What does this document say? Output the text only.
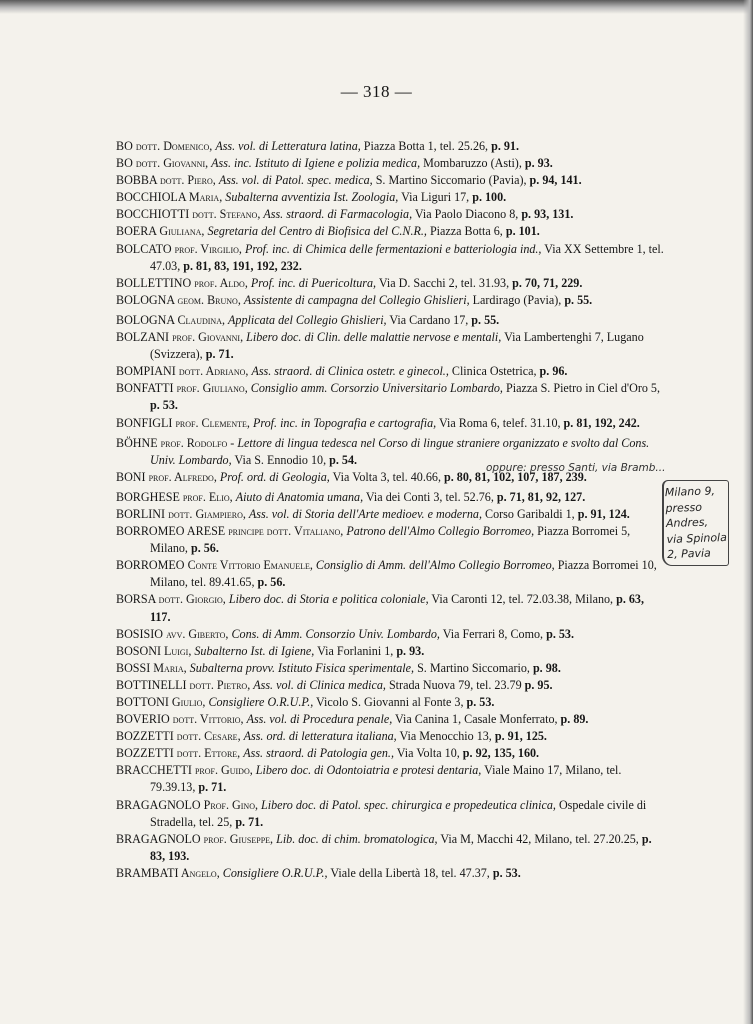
— 318 —

BO dott. Domenico, Ass. vol. di Letteratura latina, Piazza Botta 1, tel. 25.26, p. 91.

BO dott. Giovanni, Ass. inc. Istituto di Igiene e polizia medica, Mombaruzzo (Asti), p. 93.

BOBBA dott. Piero, Ass. vol. di Patol. spec. medica, S. Martino Siccomario (Pavia), p. 94, 141.

BOCCHIOLA Maria, Subalterna avventizia Ist. Zoologia, Via Liguri 17, p. 100.

BOCCHIOTTI dott. Stefano, Ass. straord. di Farmacologia, Via Paolo Diacono 8, p. 93, 131.

BOERA Giuliana, Segretaria del Centro di Biofisica del C.N.R., Piazza Botta 6, p. 101.

BOLCATO prof. Virgilio, Prof. inc. di Chimica delle fermentazioni e batteriologia ind., Via XX Settembre 1, tel. 47.03, p. 81, 83, 191, 192, 232.

BOLLETTINO prof. Aldo, Prof. inc. di Puericoltura, Via D. Sacchi 2, tel. 31.93, p. 70, 71, 229.

BOLOGNA geom. Bruno, Assistente di campagna del Collegio Ghislieri, Lardirago (Pavia), p. 55.

BOLOGNA Claudina, Applicata del Collegio Ghislieri, Via Cardano 17, p. 55.

BOLZANI prof. Giovanni, Libero doc. di Clin. delle malattie nervose e mentali, Via Lambertenghi 7, Lugano (Svizzera), p. 71.

BOMPIANI dott. Adriano, Ass. straord. di Clinica ostetr. e ginecol., Clinica Ostetrica, p. 96.

BONFATTI prof. Giuliano, Consiglio amm. Corsorzio Universitario Lombardo, Piazza S. Pietro in Ciel d'Oro 5, p. 53.

BONFIGLI prof. Clemente, Prof. inc. in Topografia e cartografia, Via Roma 6, telef. 31.10, p. 81, 192, 242.

BÖHNE prof. Rodolfo - Lettore di lingua tedesca nel Corso di lingue straniere organizzato e svolto dal Cons. Univ. Lombardo, Via S. Ennodio 10, p. 54.

BONI prof. Alfredo, Prof. ord. di Geologia, Via Volta 3, tel. 40.66, p. 80, 81, 102, 107, 187, 239.

BORGHESE prof. Elio, Aiuto di Anatomia umana, Via dei Conti 3, tel. 52.76, p. 71, 81, 92, 127.

BORLINI dott. Giampiero, Ass. vol. di Storia dell'Arte medioev. e moderna, Corso Garibaldi 1, p. 91, 124.

BORROMEO ARESE principe dott. Vitaliano, Patrono dell'Almo Collegio Borromeo, Piazza Borromei 5, Milano, p. 56.

BORROMEO Conte Vittorio Emanuele, Consiglio di Amm. dell'Almo Collegio Borromeo, Piazza Borromei 10, Milano, tel. 89.41.65, p. 56.

BORSA dott. Giorgio, Libero doc. di Storia e politica coloniale, Via Caronti 12, tel. 72.03.38, Milano, p. 63, 117.

BOSISIO avv. Giberto, Cons. di Amm. Consorzio Univ. Lombardo, Via Ferrari 8, Como, p. 53.

BOSONI Luigi, Subalterno Ist. di Igiene, Via Forlanini 1, p. 93.

BOSSI Maria, Subalterna provv. Istituto Fisica sperimentale, S. Martino Siccomario, p. 98.

BOTTINELLI dott. Pietro, Ass. vol. di Clinica medica, Strada Nuova 79, tel. 23.79 p. 95.

BOTTONI Giulio, Consigliere O.R.U.P., Vicolo S. Giovanni al Fonte 3, p. 53.

BOVERIO dott. Vittorio, Ass. vol. di Procedura penale, Via Canina 1, Casale Monferrato, p. 89.

BOZZETTI dott. Cesare, Ass. ord. di letteratura italiana, Via Menocchio 13, p. 91, 125.

BOZZETTI dott. Ettore, Ass. straord. di Patologia gen., Via Volta 10, p. 92, 135, 160.

BRACCHETTI prof. Guido, Libero doc. di Odontoiatria e protesi dentaria, Viale Maino 17, Milano, tel. 79.39.13, p. 71.

BRAGAGNOLO Prof. Gino, Libero doc. di Patol. spec. chirurgica e propedeutica clinica, Ospedale civile di Stradella, tel. 25, p. 71.

BRAGAGNOLO prof. Giuseppe, Lib. doc. di chim. bromatologica, Via M, Macchi 42, Milano, tel. 27.20.25, p. 83, 193.

BRAMBATI Angelo, Consigliere O.R.U.P., Viale della Libertà 18, tel. 47.37, p. 53.

oppure: presso Santi, via Bramb...
Milano 9,
presso
Andres,
via Spinola
2, Pavia
